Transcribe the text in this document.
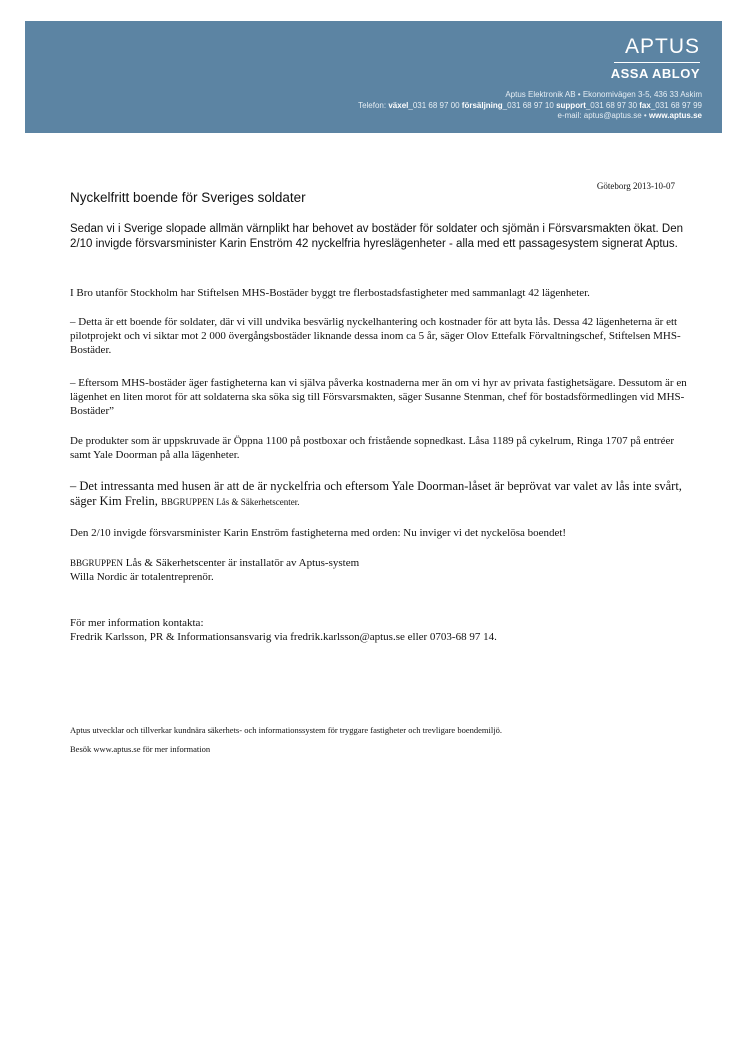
APTUS
ASSA ABLOY
Aptus Elektronik AB • Ekonomivägen 3-5, 436 33 Askim
Telefon: växel_031 68 97 00 försäljning_031 68 97 10 support_031 68 97 30 fax_031 68 97 99
e-mail: aptus@aptus.se • www.aptus.se
Göteborg 2013-10-07
Nyckelfritt boende för Sveriges soldater
Sedan vi i Sverige slopade allmän värnplikt har behovet av bostäder för soldater och sjömän i Försvarsmakten ökat. Den 2/10 invigde försvarsminister Karin Enström 42 nyckelfria hyreslägenheter - alla med ett passagesystem signerat Aptus.
I Bro utanför Stockholm har Stiftelsen MHS-Bostäder byggt tre flerbostadsfastigheter med sammanlagt 42 lägenheter.
– Detta är ett boende för soldater, där vi vill undvika besvärlig nyckelhantering och kostnader för att byta lås. Dessa 42 lägenheterna är ett pilotprojekt och vi siktar mot 2 000 övergångsbostäder liknande dessa inom ca 5 år, säger Olov Ettefalk Förvaltningschef, Stiftelsen MHS-Bostäder.
– Eftersom MHS-bostäder äger fastigheterna kan vi själva påverka kostnaderna mer än om vi hyr av privata fastighetsägare. Dessutom är en lägenhet en liten morot för att soldaterna ska söka sig till Försvarsmakten, säger Susanne Stenman, chef för bostadsförmedlingen vid MHS-Bostäder”
De produkter som är uppskruvade är Öppna 1100 på postboxar och fristående sopnedkast. Låsa 1189 på cykelrum, Ringa 1707 på entréer samt Yale Doorman på alla lägenheter.
– Det intressanta med husen är att de är nyckelfria och eftersom Yale Doorman-låset är beprövat var valet av lås inte svårt, säger Kim Frelin, BBGRUPPEN Lås & Säkerhetscenter.
Den 2/10 invigde försvarsminister Karin Enström fastigheterna med orden: Nu inviger vi det nyckelösa boendet!
BBGRUPPEN Lås & Säkerhetscenter är installatör av Aptus-system
Willa Nordic är totalentreprenör.
För mer information kontakta:
Fredrik Karlsson, PR & Informationsansvarig via fredrik.karlsson@aptus.se eller 0703-68 97 14.
Aptus utvecklar och tillverkar kundnära säkerhets- och informationssystem för tryggare fastigheter och trevligare boendemiljö.
Besök www.aptus.se för mer information
